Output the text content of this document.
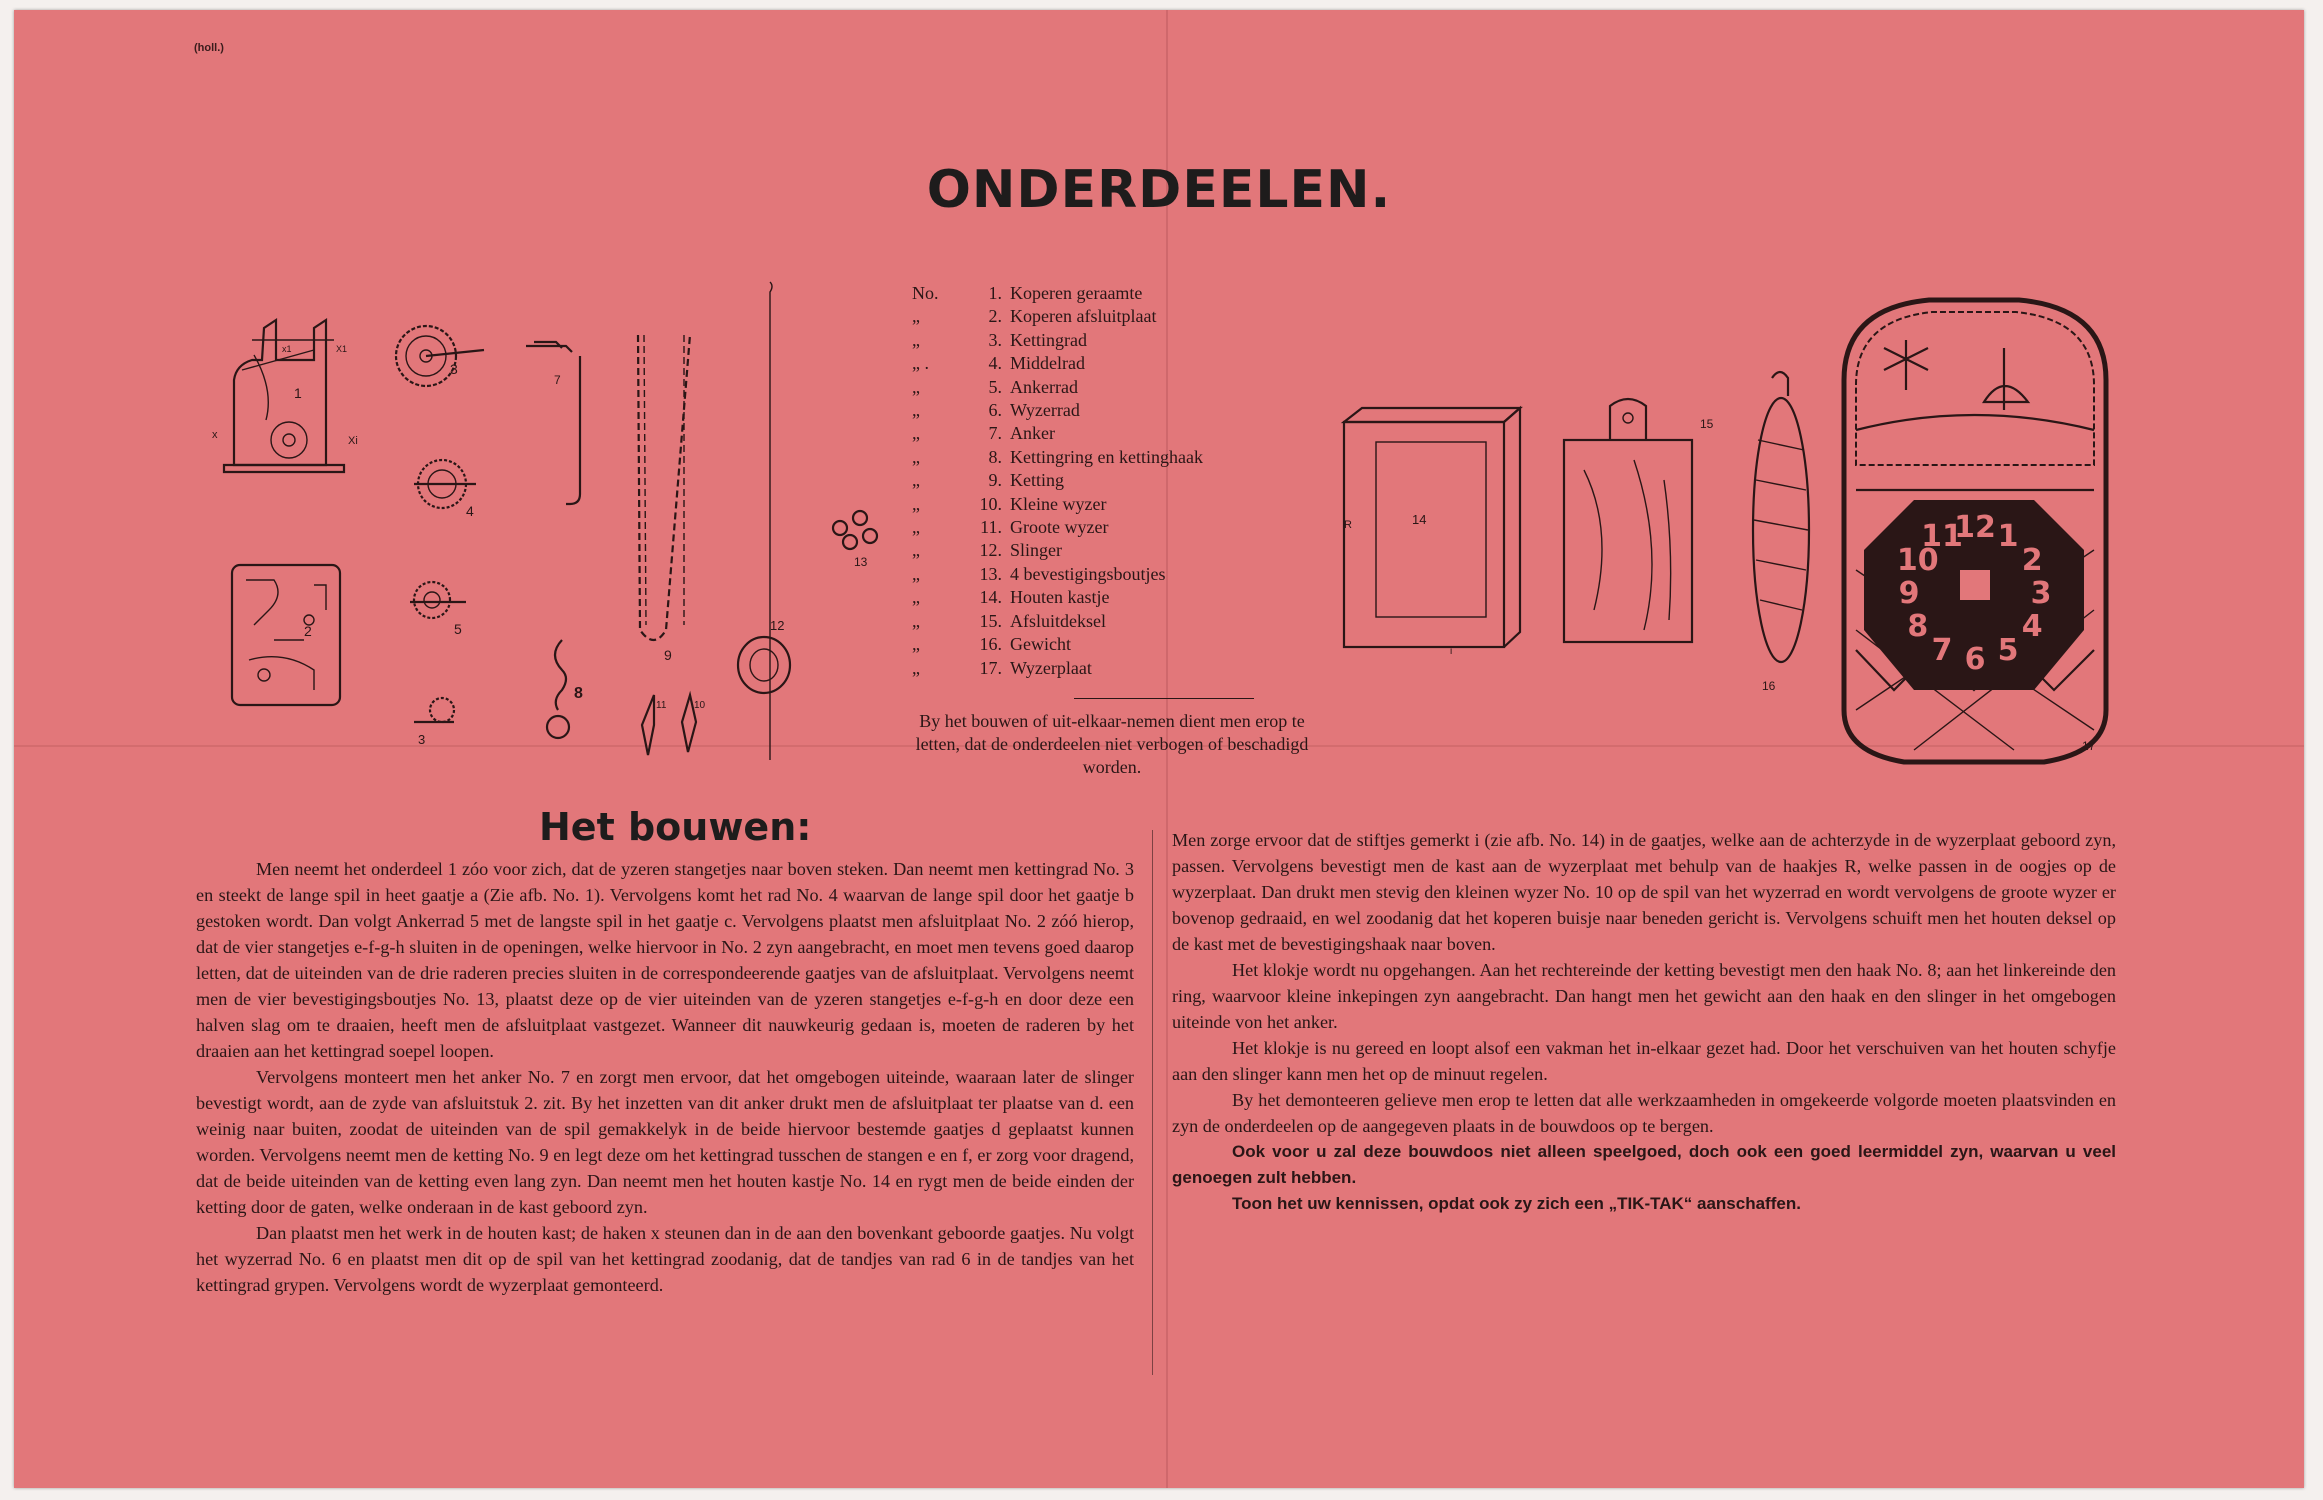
(holl.)
ONDERDEELEN.
1
x	Xi
x1	X1
2
3
4
5
3
7
8
9
11	10
12
13
14
R
i
15
16
12 1
2
3
4
5
6
7
8
9
10
11
17
No.	1. Koperen geraamte
„	2. Koperen afsluitplaat
„	3. Kettingrad
„ .	4. Middelrad
„	5. Ankerrad
„	6. Wyzerrad
„	7. Anker
„	8. Kettingring en kettinghaak
„	9. Ketting
„	10. Kleine wyzer
„	11. Groote wyzer
„	12. Slinger
„	13. 4 bevestigingsboutjes
„	14. Houten kastje
„	15. Afsluitdeksel
„	16. Gewicht
„	17. Wyzerplaat
By het bouwen of uit-elkaar-nemen dient men erop te letten, dat de onderdeelen niet verbogen of beschadigd worden.
Het bouwen:

Men neemt het onderdeel 1 zóo voor zich, dat de yzeren stangetjes naar boven steken. Dan neemt men kettingrad No. 3 en steekt de lange spil in heet gaatje a (Zie afb. No. 1). Vervolgens komt het rad No. 4 waarvan de lange spil door het gaatje b gestoken wordt. Dan volgt Ankerrad 5 met de langste spil in het gaatje c. Vervolgens plaatst men afsluitplaat No. 2 zóó hierop, dat de vier stangetjes e-f-g-h sluiten in de openingen, welke hiervoor in No. 2 zyn aangebracht, en moet men tevens goed daarop letten, dat de uiteinden van de drie raderen precies sluiten in de correspondeerende gaatjes van de afsluitplaat. Vervolgens neemt men de vier bevestigingsboutjes No. 13, plaatst deze op de vier uiteinden van de yzeren stangetjes e-f-g-h en door deze een halven slag om te draaien, heeft men de afsluitplaat vastgezet. Wanneer dit nauwkeurig gedaan is, moeten de raderen by het draaien aan het kettingrad soepel loopen.

Vervolgens monteert men het anker No. 7 en zorgt men ervoor, dat het omgebogen uiteinde, waaraan later de slinger bevestigt wordt, aan de zyde van afsluitstuk 2. zit. By het inzetten van dit anker drukt men de afsluitplaat ter plaatse van d. een weinig naar buiten, zoodat de uiteinden van de spil gemakkelyk in de beide hiervoor bestemde gaatjes d geplaatst kunnen worden. Vervolgens neemt men de ketting No. 9 en legt deze om het kettingrad tusschen de stangen e en f, er zorg voor dragend, dat de beide uiteinden van de ketting even lang zyn. Dan neemt men het houten kastje No. 14 en rygt men de beide einden der ketting door de gaten, welke onderaan in de kast geboord zyn.

Dan plaatst men het werk in de houten kast; de haken x steunen dan in de aan den bovenkant geboorde gaatjes. Nu volgt het wyzerrad No. 6 en plaatst men dit op de spil van het kettingrad zoodanig, dat de tandjes van rad 6 in de tandjes van het kettingrad grypen. Vervolgens wordt de wyzerplaat gemonteerd.

Men zorge ervoor dat de stiftjes gemerkt i (zie afb. No. 14) in de gaatjes, welke aan de achterzyde in de wyzerplaat geboord zyn, passen. Vervolgens bevestigt men de kast aan de wyzerplaat met behulp van de haakjes R, welke passen in de oogjes op de wyzerplaat. Dan drukt men stevig den kleinen wyzer No. 10 op de spil van het wyzerrad en wordt vervolgens de groote wyzer er bovenop gedraaid, en wel zoodanig dat het koperen buisje naar beneden gericht is. Vervolgens schuift men het houten deksel op de kast met de bevestigingshaak naar boven.

Het klokje wordt nu opgehangen. Aan het rechtereinde der ketting bevestigt men den haak No. 8; aan het linkereinde den ring, waarvoor kleine inkepingen zyn aangebracht. Dan hangt men het gewicht aan den haak en den slinger in het omgebogen uiteinde von het anker.

Het klokje is nu gereed en loopt alsof een vakman het in-elkaar gezet had. Door het verschuiven van het houten schyfje aan den slinger kann men het op de minuut regelen.

By het demonteeren gelieve men erop te letten dat alle werkzaamheden in omgekeerde volgorde moeten plaatsvinden en zyn de onderdeelen op de aangegeven plaats in de bouwdoos op te bergen.

Ook voor u zal deze bouwdoos niet alleen speelgoed, doch ook een goed leermiddel zyn, waarvan u veel genoegen zult hebben.

Toon het uw kennissen, opdat ook zy zich een „TIK-TAK“ aanschaffen.
